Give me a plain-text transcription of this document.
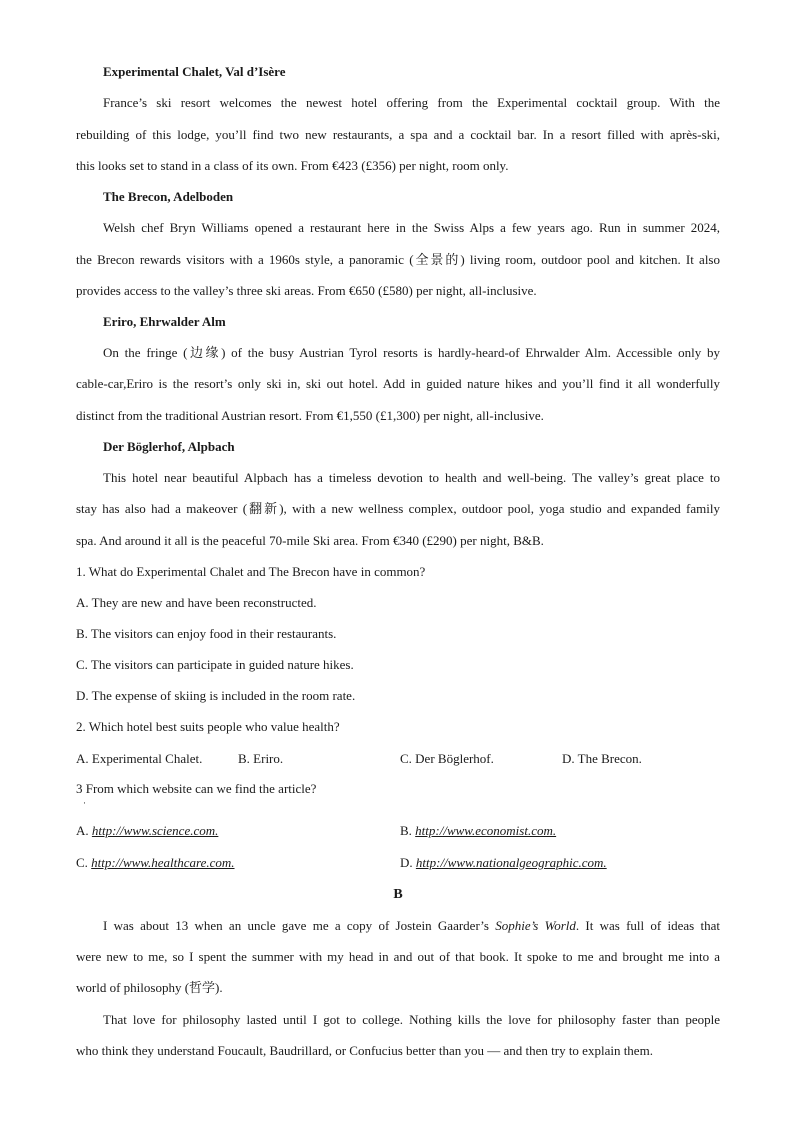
Experimental Chalet, Val d’Isère
France’s ski resort welcomes the newest hotel offering from the Experimental cocktail group. With the
rebuilding of this lodge, you’ll find two new restaurants, a spa and a cocktail bar. In a resort filled with après-ski,
this looks set to stand in a class of its own. From €423 (£356) per night, room only.
The Brecon, Adelboden
Welsh chef Bryn Williams opened a restaurant here in the Swiss Alps a few years ago. Run in summer 2024,
the Brecon rewards visitors with a 1960s style, a panoramic (全景的) living room, outdoor pool and kitchen. It also
provides access to the valley’s three ski areas. From €650 (£580) per night, all-inclusive.
Eriro, Ehrwalder Alm
On the fringe (边缘) of the busy Austrian Tyrol resorts is hardly-heard-of Ehrwalder Alm. Accessible only by
cable-car,Eriro is the resort’s only ski in, ski out hotel. Add in guided nature hikes and you’ll find it all wonderfully
distinct from the traditional Austrian resort. From €1,550 (£1,300) per night, all-inclusive.
Der Böglerhof, Alpbach
This hotel near beautiful Alpbach has a timeless devotion to health and well-being. The valley’s great place to
stay has also had a makeover (翻新), with a new wellness complex, outdoor pool, yoga studio and expanded family
spa. And around it all is the peaceful 70-mile Ski area. From €340 (£290) per night, B&B.
1. What do Experimental Chalet and The Brecon have in common?
A. They are new and have been reconstructed.
B. The visitors can enjoy food in their restaurants.
C. The visitors can participate in guided nature hikes.
D. The expense of skiing is included in the room rate.
2. Which hotel best suits people who value health?
A. Experimental Chalet.	B. Eriro.	C. Der Böglerhof.	D. The Brecon.
3 From which website can we find the article?
·
A. http://www.science.com.	B. http://www.economist.com.
C. http://www.healthcare.com.	D. http://www.nationalgeographic.com.
B
I was about 13 when an uncle gave me a copy of Jostein Gaarder’s Sophie’s World. It was full of ideas that
were new to me, so I spent the summer with my head in and out of that book. It spoke to me and brought me into a
world of philosophy (哲学).
That love for philosophy lasted until I got to college. Nothing kills the love for philosophy faster than people
who think they understand Foucault, Baudrillard, or Confucius better than you — and then try to explain them.
